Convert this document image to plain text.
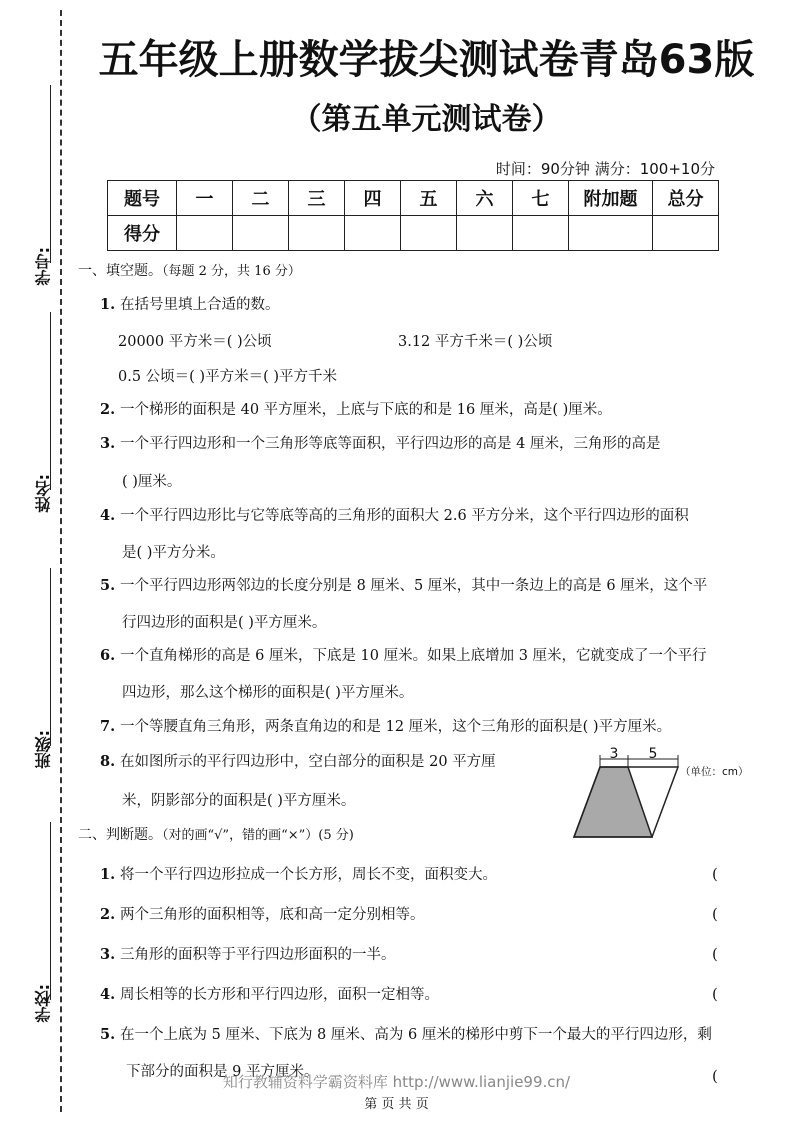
学号:
姓名:
班级:
学校:
五年级上册数学拔尖测试卷青岛63版
（第五单元测试卷）
时间：90分钟 满分：100+10分
题号	一	二	三	四	五	六	七	附加题	总分
得分									
一、填空题。（每题 2 分，共 16 分）
1. 在括号里填上合适的数。
20000 平方米＝( )公顷	3.12 平方千米＝( )公顷
0.5 公顷＝( )平方米＝( )平方千米
2. 一个梯形的面积是 40 平方厘米，上底与下底的和是 16 厘米，高是( )厘米。
3. 一个平行四边形和一个三角形等底等面积，平行四边形的高是 4 厘米，三角形的高是
( )厘米。
4. 一个平行四边形比与它等底等高的三角形的面积大 2.6 平方分米，这个平行四边形的面积
是( )平方分米。
5. 一个平行四边形两邻边的长度分别是 8 厘米、5 厘米，其中一条边上的高是 6 厘米，这个平
行四边形的面积是( )平方厘米。
6. 一个直角梯形的高是 6 厘米，下底是 10 厘米。如果上底增加 3 厘米，它就变成了一个平行
四边形，那么这个梯形的面积是( )平方厘米。
7. 一个等腰直角三角形，两条直角边的和是 12 厘米，这个三角形的面积是( )平方厘米。
8. 在如图所示的平行四边形中，空白部分的面积是 20 平方厘
米，阴影部分的面积是( )平方厘米。
3 5
（单位：cm）
二、判断题。（对的画“√”，错的画“×”）(5 分)
1. 将一个平行四边形拉成一个长方形，周长不变，面积变大。	(
2. 两个三角形的面积相等，底和高一定分别相等。	(
3. 三角形的面积等于平行四边形面积的一半。	(
4. 周长相等的长方形和平行四边形，面积一定相等。	(
5. 在一个上底为 5 厘米、下底为 8 厘米、高为 6 厘米的梯形中剪下一个最大的平行四边形，剩
下部分的面积是 9 平方厘米。	(
知行教辅资料学霸资料库 http://www.lianjie99.cn/
第 页 共 页
